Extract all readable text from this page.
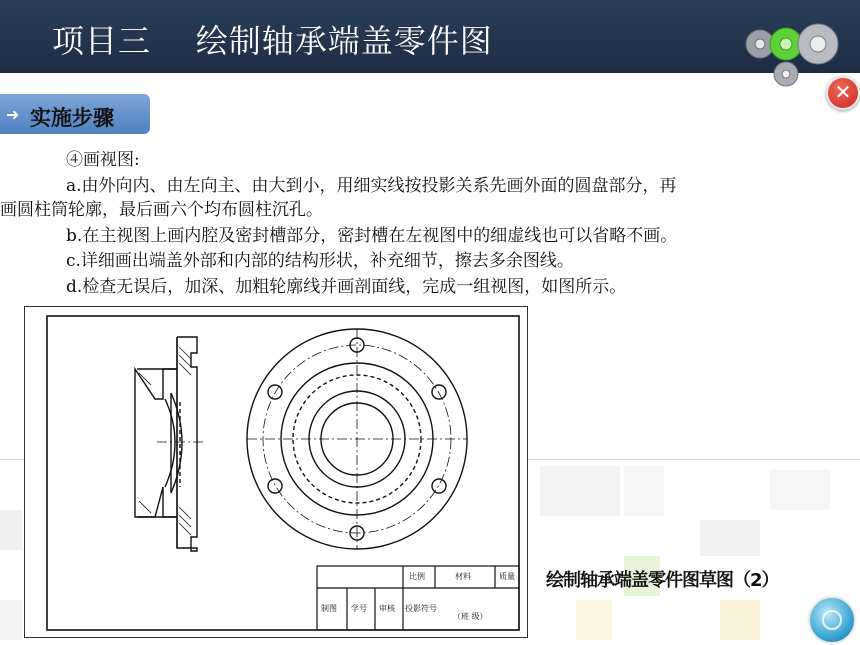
项目三    绘制轴承端盖零件图
✕
➜ 实施步骤
④画视图:
a.由外向内、由左向主、由大到小，用细实线按投影关系先画外面的圆盘部分，再
画圆柱筒轮廓，最后画六个均布圆柱沉孔。
b.在主视图上画内腔及密封槽部分，密封槽在左视图中的细虚线也可以省略不画。
c.详细画出端盖外部和内部的结构形状，补充细节，擦去多余图线。
d.检查无误后，加深、加粗轮廓线并画剖面线，完成一组视图，如图所示。
比例	材料	质量
制图 学号 审核 投影符号
（班 级）
绘制轴承端盖零件图草图（2）
